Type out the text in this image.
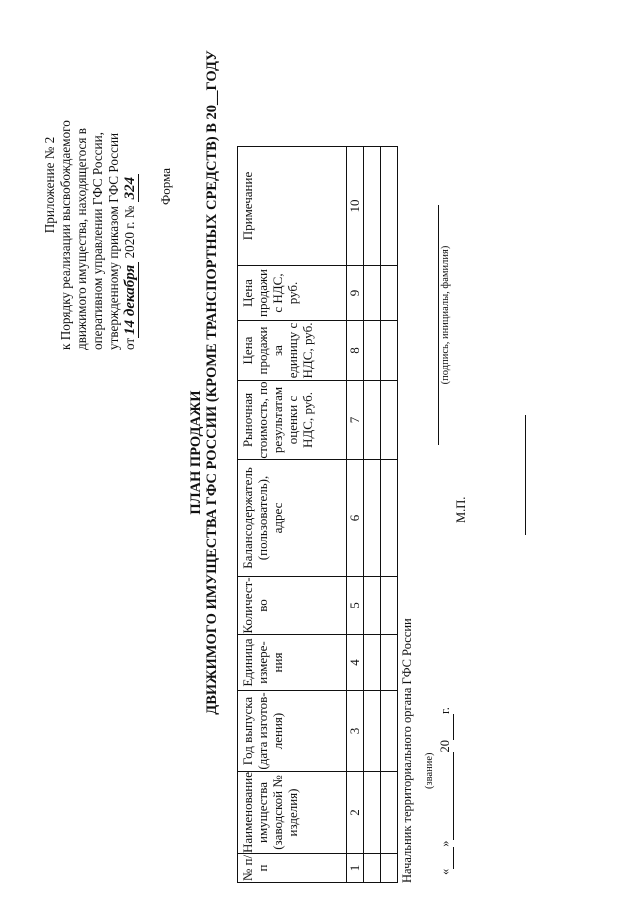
Приложение № 2 к Порядку реализации высвобождаемого движимого имущества, находящегося в оперативном управлении ГФС России, утвержденному приказом ГФС России от14 декабря 2020 г. № 324 Форма
ПЛАН ПРОДАЖИ ДВИЖИМОГО ИМУЩЕСТВА ГФС РОССИИ (КРОМЕ ТРАНСПОРТНЫХ СРЕДСТВ) В 20__ГОДУ
№ п/п	Наименование имущества (заводской № изделия)	Год выпуска (дата изготов-ления)	Единица измере-ния	Количест-во	Балансодержатель (пользователь), адрес	Рыночная стоимость, по результатам оценки с НДС, руб.	Цена продажи за единицу с НДС, руб.	Цена продажи с НДС, руб.	Примечание
1	2	3	4	5	6	7	8	9	10

Начальник территориального органа ГФС России (звание)
« » 20 г.
М.П.
(подпись, инициалы, фамилия)
